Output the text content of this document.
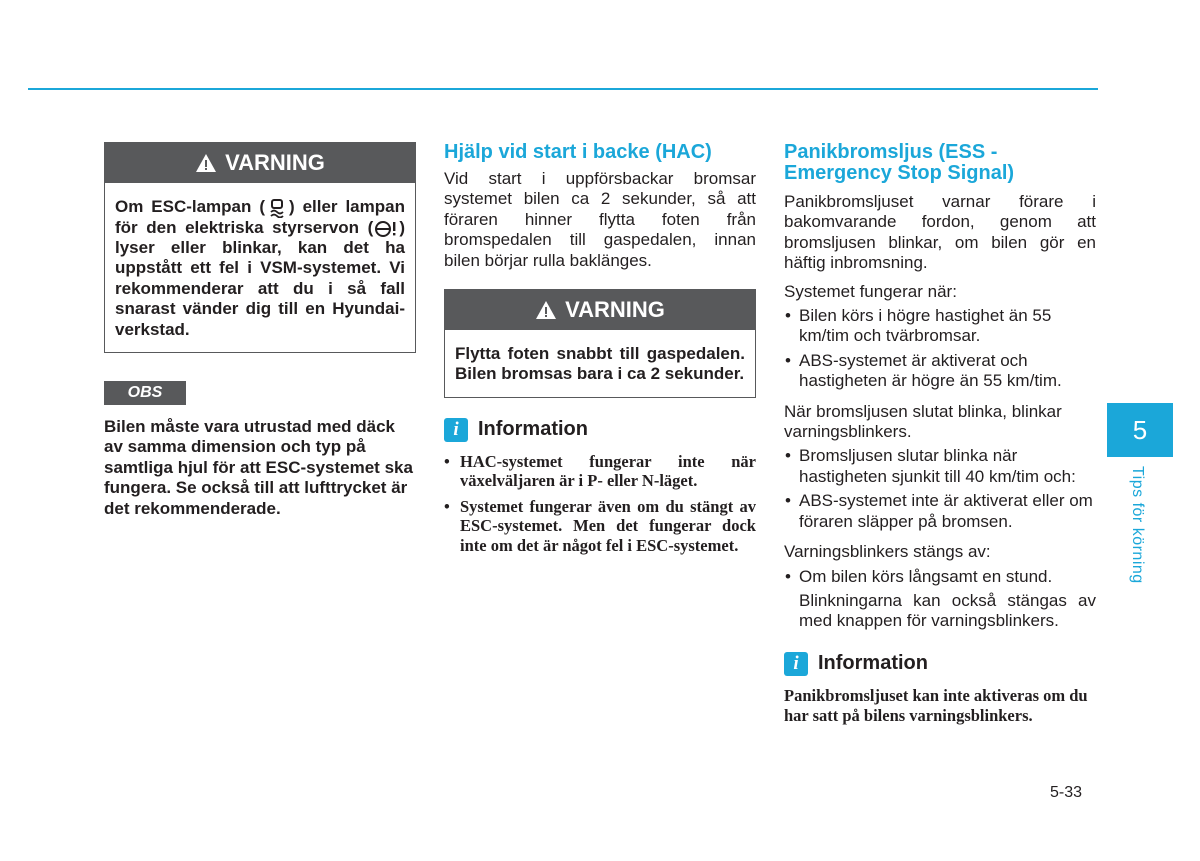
VARNING
Om ESC-lampan ( ) eller lampan för den elektriska styrservon ( ) lyser eller blinkar, kan det ha uppstått ett fel i VSM-systemet. Vi rekommenderar att du i så fall snarast vänder dig till en Hyundai-verkstad.
OBS
Bilen måste vara utrustad med däck av samma dimension och typ på samtliga hjul för att ESC-systemet ska fungera. Se också till att lufttrycket är det rekommenderade.
Hjälp vid start i backe (HAC)

Vid start i uppförsbackar bromsar systemet bilen ca 2 sekunder, så att föraren hinner flytta foten från bromspedalen till gaspedalen, innan bilen börjar rulla baklänges.

VARNING
Flytta foten snabbt till gaspedalen. Bilen bromsas bara i ca 2 sekunder.
i Information
• HAC-systemet fungerar inte när växelväljaren är i P- eller N-läget.
• Systemet fungerar även om du stängt av ESC-systemet. Men det fungerar dock inte om det är något fel i ESC-systemet.
Panikbromsljus (ESS - Emergency Stop Signal)

Panikbromsljuset varnar förare i bakomvarande fordon, genom att bromsljusen blinkar, om bilen gör en häftig inbromsning.

Systemet fungerar när:
• Bilen körs i högre hastighet än 55 km/tim och tvärbromsar.
• ABS-systemet är aktiverat och hastigheten är högre än 55 km/tim.
När bromsljusen slutat blinka, blinkar varningsblinkers.
• Bromsljusen slutar blinka när hastigheten sjunkit till 40 km/tim och:
• ABS-systemet inte är aktiverat eller om föraren släpper på bromsen.
Varningsblinkers stängs av:
• Om bilen körs långsamt en stund.
Blinkningarna kan också stängas av med knappen för varningsblinkers.
i Information
Panikbromsljuset kan inte aktiveras om du har satt på bilens varningsblinkers.
5
Tips för körning
5-33
